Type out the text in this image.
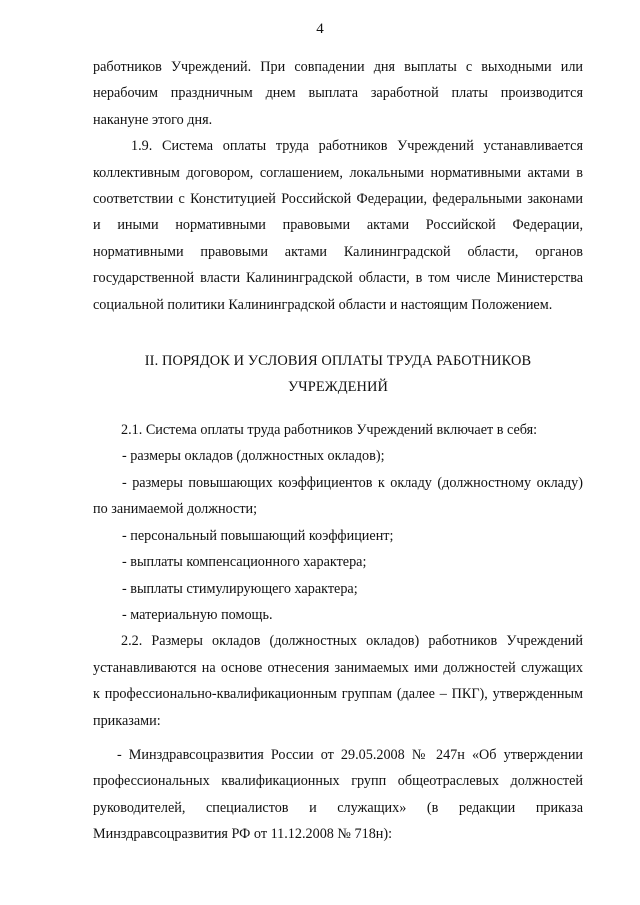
4

работников Учреждений. При совпадении дня выплаты с выходными или
нерабочим праздничным днем выплата заработной платы производится
накануне этого дня.

1.9. Система оплаты труда работников Учреждений устанавливается
коллективным договором, соглашением, локальными нормативными актами в
соответствии с Конституцией Российской Федерации, федеральными законами
и иными нормативными правовыми актами Российской Федерации,
нормативными правовыми актами Калининградской области, органов
государственной власти Калининградской области, в том числе Министерства
социальной политики Калининградской области и настоящим Положением.

II. ПОРЯДОК И УСЛОВИЯ ОПЛАТЫ ТРУДА РАБОТНИКОВ
УЧРЕЖДЕНИЙ

2.1. Система оплаты труда работников Учреждений включает в себя:
- размеры окладов (должностных окладов);
- размеры повышающих коэффициентов к окладу (должностному окладу)
по занимаемой должности;
- персональный повышающий коэффициент;
- выплаты компенсационного характера;
- выплаты стимулирующего характера;
- материальную помощь.

2.2. Размеры окладов (должностных окладов) работников Учреждений
устанавливаются на основе отнесения занимаемых ими должностей служащих
к профессионально-квалификационным группам (далее – ПКГ), утвержденным
приказами:

- Минздравсоцразвития России от 29.05.2008 № 247н «Об утверждении
профессиональных квалификационных групп общеотраслевых должностей
руководителей, специалистов и служащих» (в редакции приказа
Минздравсоцразвития РФ от 11.12.2008 № 718н):
